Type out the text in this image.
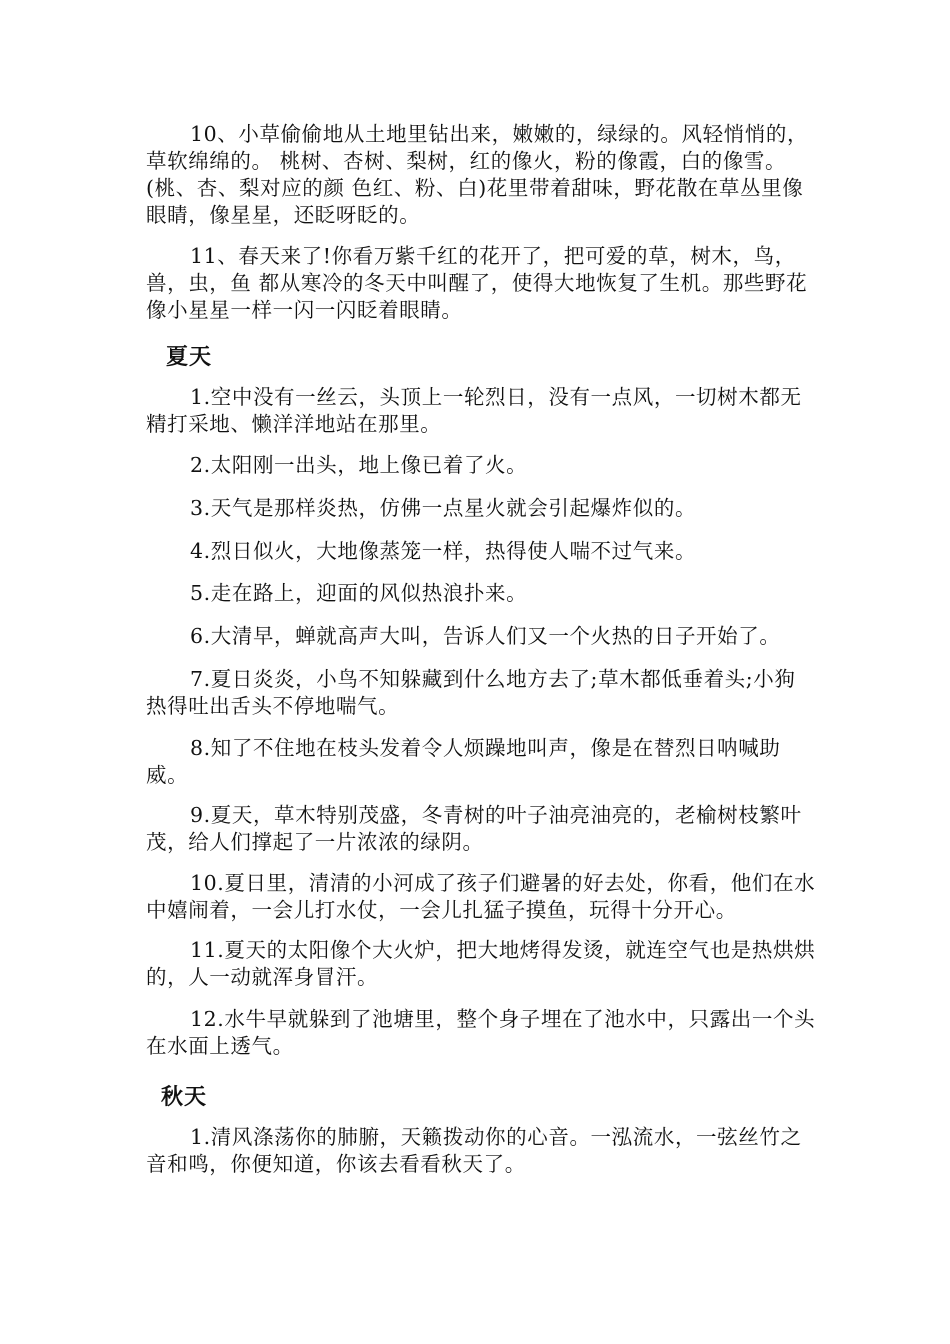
10、小草偷偷地从土地里钻出来，嫩嫩的，绿绿的。风轻悄悄的，草软绵绵的。 桃树、杏树、梨树，红的像火，粉的像霞，白的像雪。(桃、杏、梨对应的颜 色红、粉、白)花里带着甜味，野花散在草丛里像眼睛，像星星，还眨呀眨的。

11、春天来了!你看万紫千红的花开了，把可爱的草，树木，鸟，兽，虫，鱼 都从寒冷的冬天中叫醒了，使得大地恢复了生机。那些野花像小星星一样一闪一闪眨着眼睛。

夏天

1.空中没有一丝云，头顶上一轮烈日，没有一点风，一切树木都无精打采地、懒洋洋地站在那里。

2.太阳刚一出头，地上像已着了火。

3.天气是那样炎热，仿佛一点星火就会引起爆炸似的。

4.烈日似火，大地像蒸笼一样，热得使人喘不过气来。

5.走在路上，迎面的风似热浪扑来。

6.大清早，蝉就高声大叫，告诉人们又一个火热的日子开始了。

7.夏日炎炎，小鸟不知躲藏到什么地方去了;草木都低垂着头;小狗热得吐出舌头不停地喘气。

8.知了不住地在枝头发着令人烦躁地叫声，像是在替烈日呐喊助威。

9.夏天，草木特别茂盛，冬青树的叶子油亮油亮的，老榆树枝繁叶茂，给人们撑起了一片浓浓的绿阴。

10.夏日里，清清的小河成了孩子们避暑的好去处，你看，他们在水中嬉闹着，一会儿打水仗，一会儿扎猛子摸鱼，玩得十分开心。

11.夏天的太阳像个大火炉，把大地烤得发烫，就连空气也是热烘烘的，人一动就浑身冒汗。

12.水牛早就躲到了池塘里，整个身子埋在了池水中，只露出一个头在水面上透气。

秋天

1.清风涤荡你的肺腑，天籁拨动你的心音。一泓流水，一弦丝竹之音和鸣，你便知道，你该去看看秋天了。
